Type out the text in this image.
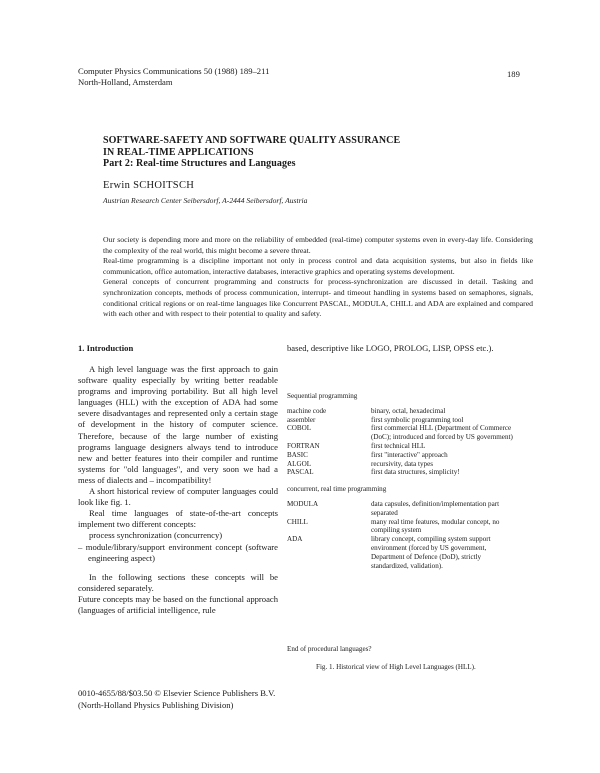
Computer Physics Communications 50 (1988) 189–211
North-Holland, Amsterdam
189
SOFTWARE-SAFETY AND SOFTWARE QUALITY ASSURANCE
IN REAL-TIME APPLICATIONS
Part 2: Real-time Structures and Languages
Erwin SCHOITSCH
Austrian Research Center Seibersdorf, A-2444 Seibersdorf, Austria

Our society is depending more and more on the reliability of embedded (real-time) computer systems even in every-day life. Considering the complexity of the real world, this might become a severe threat.

Real-time programming is a discipline important not only in process control and data acquisition systems, but also in fields like communication, office automation, interactive databases, interactive graphics and operating systems development.

General concepts of concurrent programming and constructs for process-synchronization are discussed in detail. Tasking and synchronization concepts, methods of process communication, interrupt- and timeout handling in systems based on semaphores, signals, conditional critical regions or on real-time languages like Concurrent PASCAL, MODULA, CHILL and ADA are explained and compared with each other and with respect to their potential to quality and safety.

1. Introduction

A high level language was the first approach to gain software quality especially by writing better readable programs and improving portability. But all high level languages (HLL) with the exception of ADA had some severe disadvantages and represented only a certain stage of development in the history of computer science. Therefore, because of the large number of existing programs language designers always tend to introduce new and better features into their compiler and runtime systems for "old languages", and very soon we had a mess of dialects and – incompatibility!

A short historical review of computer languages could look like fig. 1.

Real time languages of state-of-the-art concepts implement two different concepts:

process synchronization (concurrency)
– module/library/support environment concept (software engineering aspect)

In the following sections these concepts will be considered separately.

Future concepts may be based on the functional approach (languages of artificial intelligence, rule

based, descriptive like LOGO, PROLOG, LISP, OPSS etc.).
Sequential programming
machine code	binary, octal, hexadecimal
assembler	first symbolic programming tool
COBOL	first commercial HLL (Department of Commerce (DoC); introduced and forced by US government)
FORTRAN	first technical HLL
BASIC	first "interactive" approach
ALGOL	recursivity, data types
PASCAL	first data structures, simplicity!
concurrent, real time programming
MODULA	data capsules, definition/implementation part separated
CHILL	many real time features, modular concept, no compiling system
ADA	library concept, compiling system support environment (forced by US government, Department of Defence (DoD), strictly standardized, validation).
End of procedural languages?
Fig. 1. Historical view of High Level Languages (HLL).
0010-4655/88/$03.50 © Elsevier Science Publishers B.V.
(North-Holland Physics Publishing Division)
